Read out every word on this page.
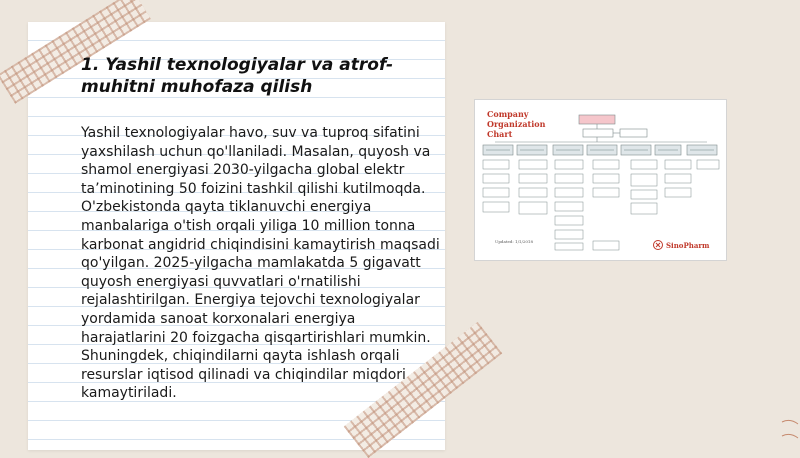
1. Yashil texnologiyalar va atrof-muhitni muhofaza qilish

Yashil texnologiyalar havo, suv va tuproq sifatini yaxshilash uchun qo'llaniladi. Masalan, quyosh va shamol energiyasi 2030-yilgacha global elektr ta’minotining 50 foizini tashkil qilishi kutilmoqda. O'zbekistonda qayta tiklanuvchi energiya manbalariga o'tish orqali yiliga 10 million tonna karbonat angidrid chiqindisini kamaytirish maqsadi qo'yilgan. 2025-yilgacha mamlakatda 5 gigavatt quyosh energiyasi quvvatlari o'rnatilishi rejalashtirilgan. Energiya tejovchi texnologiyalar yordamida sanoat korxonalari energiya harajatlarini 20 foizgacha qisqartirishlari mumkin. Shuningdek, chiqindilarni qayta ishlash orqali resurslar iqtisod qilinadi va chiqindilar miqdori kamaytiriladi.

Company Organization Chart

Updated: 1/1/2018	SinoPharm
